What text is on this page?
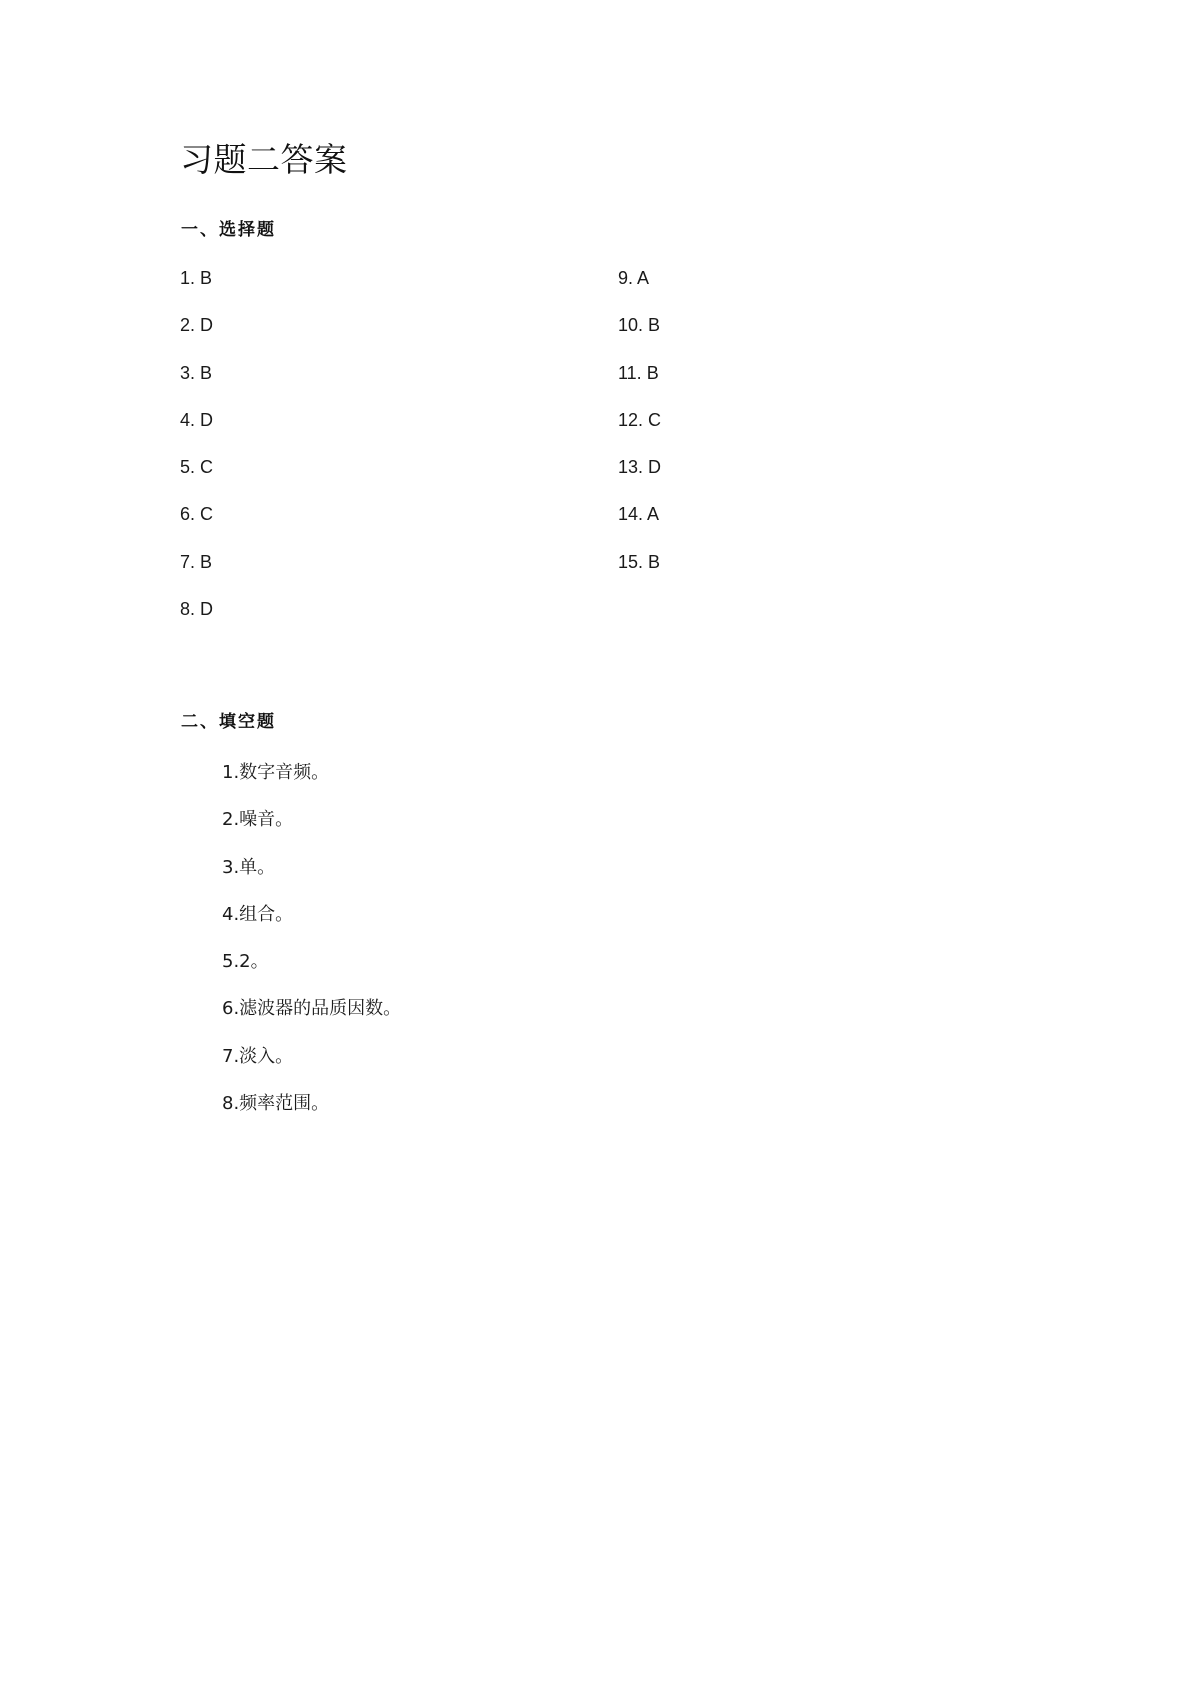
习题二答案
一、选择题
1. B
2. D
3. B
4. D
5. C
6. C
7. B
8. D
9. A
10. B
11. B
12. C
13. D
14. A
15. B
二、填空题
1.数字音频。
2.噪音。
3.单。
4.组合。
5.2。
6.滤波器的品质因数。
7.淡入。
8.频率范围。
